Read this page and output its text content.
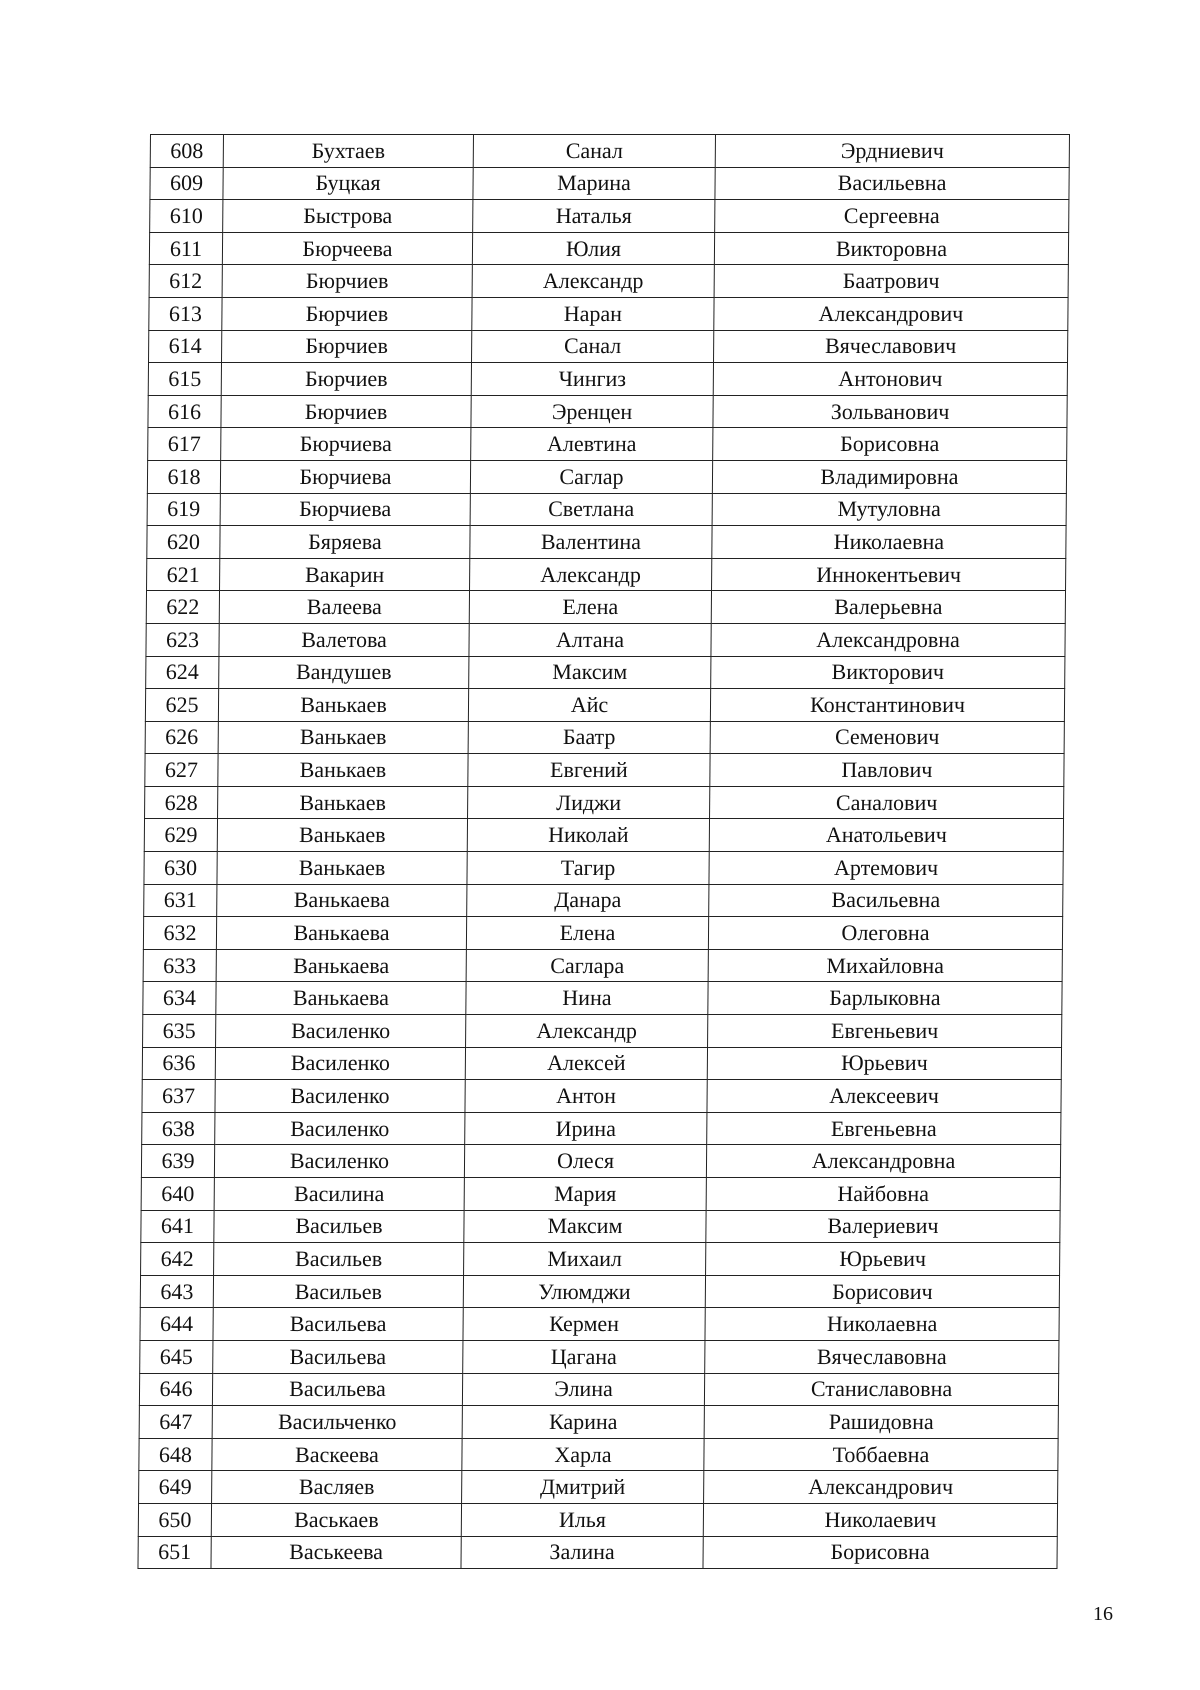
608	Бухтаев	Санал	Эрдниевич
609	Буцкая	Марина	Васильевна
610	Быстрова	Наталья	Сергеевна
611	Бюрчеева	Юлия	Викторовна
612	Бюрчиев	Александр	Баатрович
613	Бюрчиев	Наран	Александрович
614	Бюрчиев	Санал	Вячеславович
615	Бюрчиев	Чингиз	Антонович
616	Бюрчиев	Эренцен	Зольванович
617	Бюрчиева	Алевтина	Борисовна
618	Бюрчиева	Саглар	Владимировна
619	Бюрчиева	Светлана	Мутуловна
620	Бяряева	Валентина	Николаевна
621	Вакарин	Александр	Иннокентьевич
622	Валеева	Елена	Валерьевна
623	Валетова	Алтана	Александровна
624	Вандушев	Максим	Викторович
625	Ванькаев	Айс	Константинович
626	Ванькаев	Баатр	Семенович
627	Ванькаев	Евгений	Павлович
628	Ванькаев	Лиджи	Саналович
629	Ванькаев	Николай	Анатольевич
630	Ванькаев	Тагир	Артемович
631	Ванькаева	Данара	Васильевна
632	Ванькаева	Елена	Олеговна
633	Ванькаева	Саглара	Михайловна
634	Ванькаева	Нина	Барлыковна
635	Василенко	Александр	Евгеньевич
636	Василенко	Алексей	Юрьевич
637	Василенко	Антон	Алексеевич
638	Василенко	Ирина	Евгеньевна
639	Василенко	Олеся	Александровна
640	Василина	Мария	Найбовна
641	Васильев	Максим	Валериевич
642	Васильев	Михаил	Юрьевич
643	Васильев	Улюмджи	Борисович
644	Васильева	Кермен	Николаевна
645	Васильева	Цагана	Вячеславовна
646	Васильева	Элина	Станиславовна
647	Васильченко	Карина	Рашидовна
648	Васкеева	Харла	Тоббаевна
649	Васляев	Дмитрий	Александрович
650	Васькаев	Илья	Николаевич
651	Васькеева	Залина	Борисовна
16
